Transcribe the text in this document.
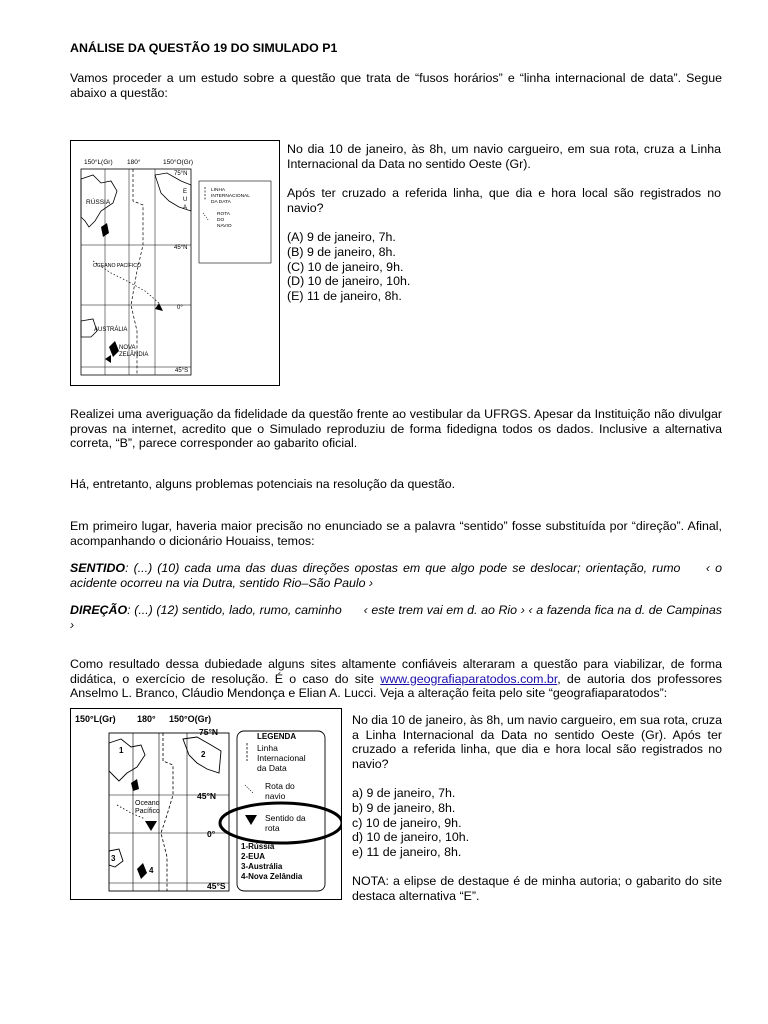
ANÁLISE DA QUESTÃO 19 DO SIMULADO P1

Vamos proceder a um estudo sobre a questão que trata de “fusos horários” e “linha internacional de data”. Segue abaixo a questão:

150°L(Gr) 180°	150°O(Gr)
75°N
45°N
0°
45°S
RÚSSIA
E
U
A
OCEANO PACÍFICO
AUSTRÁLIA
NOVA
ZELÂNDIA
LINHA
INTERNACIONAL
DA DATA
ROTA
DO
NAVIO

No dia 10 de janeiro, às 8h, um navio cargueiro, em sua rota, cruza a Linha Internacional da Data no sentido Oeste (Gr).

Após ter cruzado a referida linha, que dia e hora local são registrados no navio?

(A) 9 de janeiro, 7h.

(B) 9 de janeiro, 8h.

(C) 10 de janeiro, 9h.

(D) 10 de janeiro, 10h.

(E) 11 de janeiro, 8h.

Realizei uma averiguação da fidelidade da questão frente ao vestibular da UFRGS. Apesar da Instituição não divulgar provas na internet, acredito que o Simulado reproduziu de forma fidedigna todos os dados. Inclusive a alternativa correta, “B”, parece corresponder ao gabarito oficial.

Há, entretanto, alguns problemas potenciais na resolução da questão.

Em primeiro lugar, haveria maior precisão no enunciado se a palavra “sentido” fosse substituída por “direção”. Afinal, acompanhando o dicionário Houaiss, temos:

SENTIDO: (...) (10) cada uma das duas direções opostas em que algo pode se deslocar; orientação, rumo ‹ o acidente ocorreu na via Dutra, sentido Rio–São Paulo ›

DIREÇÃO: (...) (12) sentido, lado, rumo, caminho ‹ este trem vai em d. ao Rio › ‹ a fazenda fica na d. de Campinas ›

Como resultado dessa dubiedade alguns sites altamente confiáveis alteraram a questão para viabilizar, de forma didática, o exercício de resolução. É o caso do site www.geografiaparatodos.com.br, de autoria dos professores Anselmo L. Branco, Cláudio Mendonça e Elian A. Lucci. Veja a alteração feita pelo site “geografiaparatodos”:

150°L(Gr) 180° 150°O(Gr)
75°N
45°N
0°
45°S
Oceano
Pacífico
1	2
3
4
LEGENDA
Linha
Internacional
da Data
Rota do
navio
Sentido da
rota
1-Rússia
2-EUA
3-Austrália
4-Nova Zelândia

No dia 10 de janeiro, às 8h, um navio cargueiro, em sua rota, cruza a Linha Internacional da Data no sentido Oeste (Gr). Após ter cruzado a referida linha, que dia e hora local são registrados no navio?

a) 9 de janeiro, 7h.

b) 9 de janeiro, 8h.

c) 10 de janeiro, 9h.

d) 10 de janeiro, 10h.

e) 11 de janeiro, 8h.

NOTA: a elipse de destaque é de minha autoria; o gabarito do site destaca alternativa “E”.
